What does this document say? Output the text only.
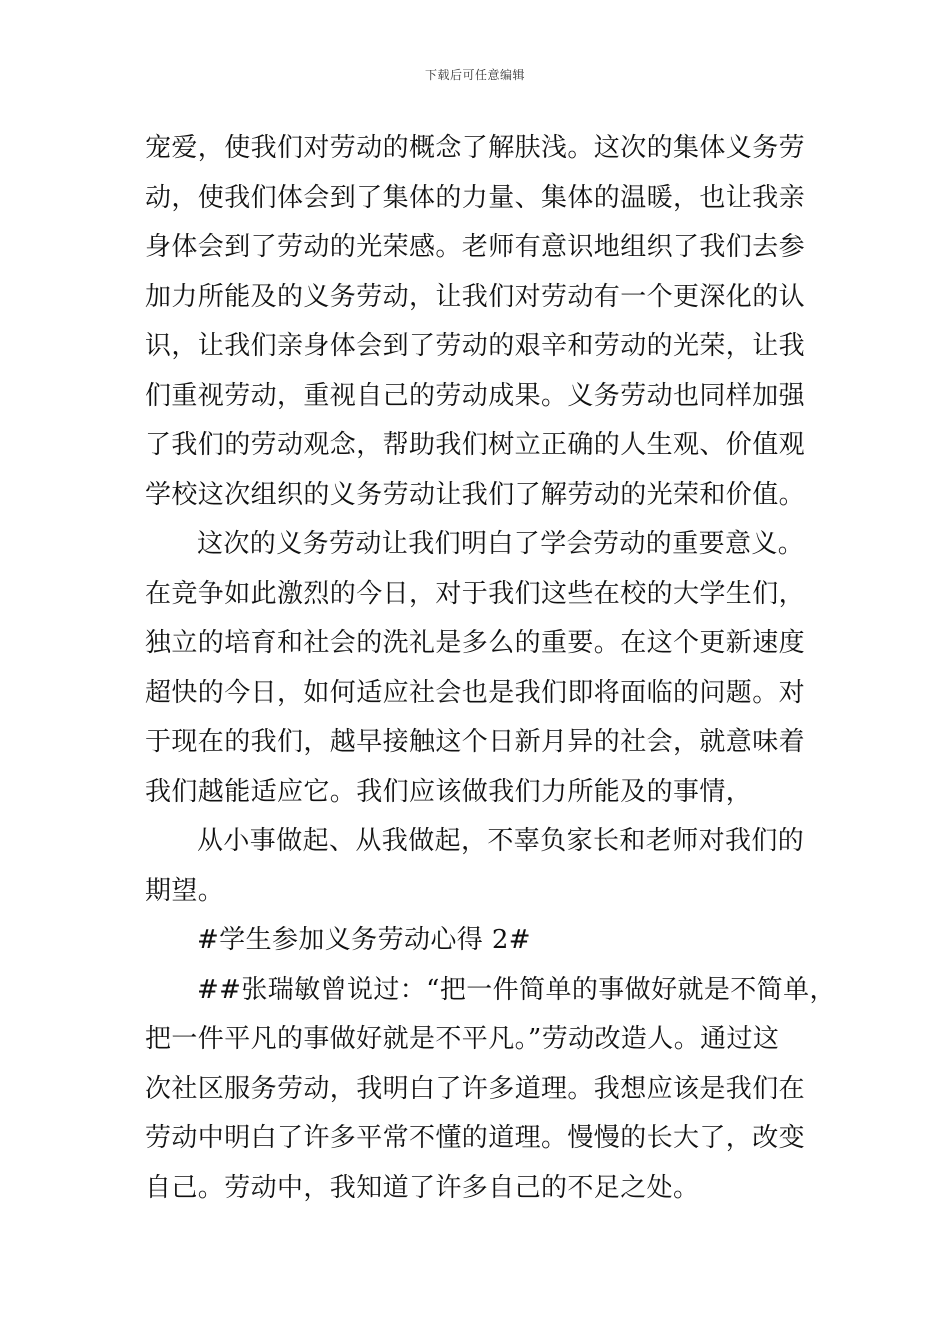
下载后可任意编辑
宠爱，使我们对劳动的概念了解肤浅。这次的集体义务劳
动，使我们体会到了集体的力量、集体的温暖，也让我亲
身体会到了劳动的光荣感。老师有意识地组织了我们去参
加力所能及的义务劳动，让我们对劳动有一个更深化的认
识，让我们亲身体会到了劳动的艰辛和劳动的光荣，让我
们重视劳动，重视自己的劳动成果。义务劳动也同样加强
了我们的劳动观念，帮助我们树立正确的人生观、价值观
学校这次组织的义务劳动让我们了解劳动的光荣和价值。
这次的义务劳动让我们明白了学会劳动的重要意义。
在竞争如此激烈的今日，对于我们这些在校的大学生们，
独立的培育和社会的洗礼是多么的重要。在这个更新速度
超快的今日，如何适应社会也是我们即将面临的问题。对
于现在的我们，越早接触这个日新月异的社会，就意味着
我们越能适应它。我们应该做我们力所能及的事情，
从小事做起、从我做起，不辜负家长和老师对我们的
期望。
#学生参加义务劳动心得 2#
##张瑞敏曾说过：“把一件简单的事做好就是不简单，
把一件平凡的事做好就是不平凡。”劳动改造人。通过这
次社区服务劳动，我明白了许多道理。我想应该是我们在
劳动中明白了许多平常不懂的道理。慢慢的长大了，改变
自己。劳动中，我知道了许多自己的不足之处。
